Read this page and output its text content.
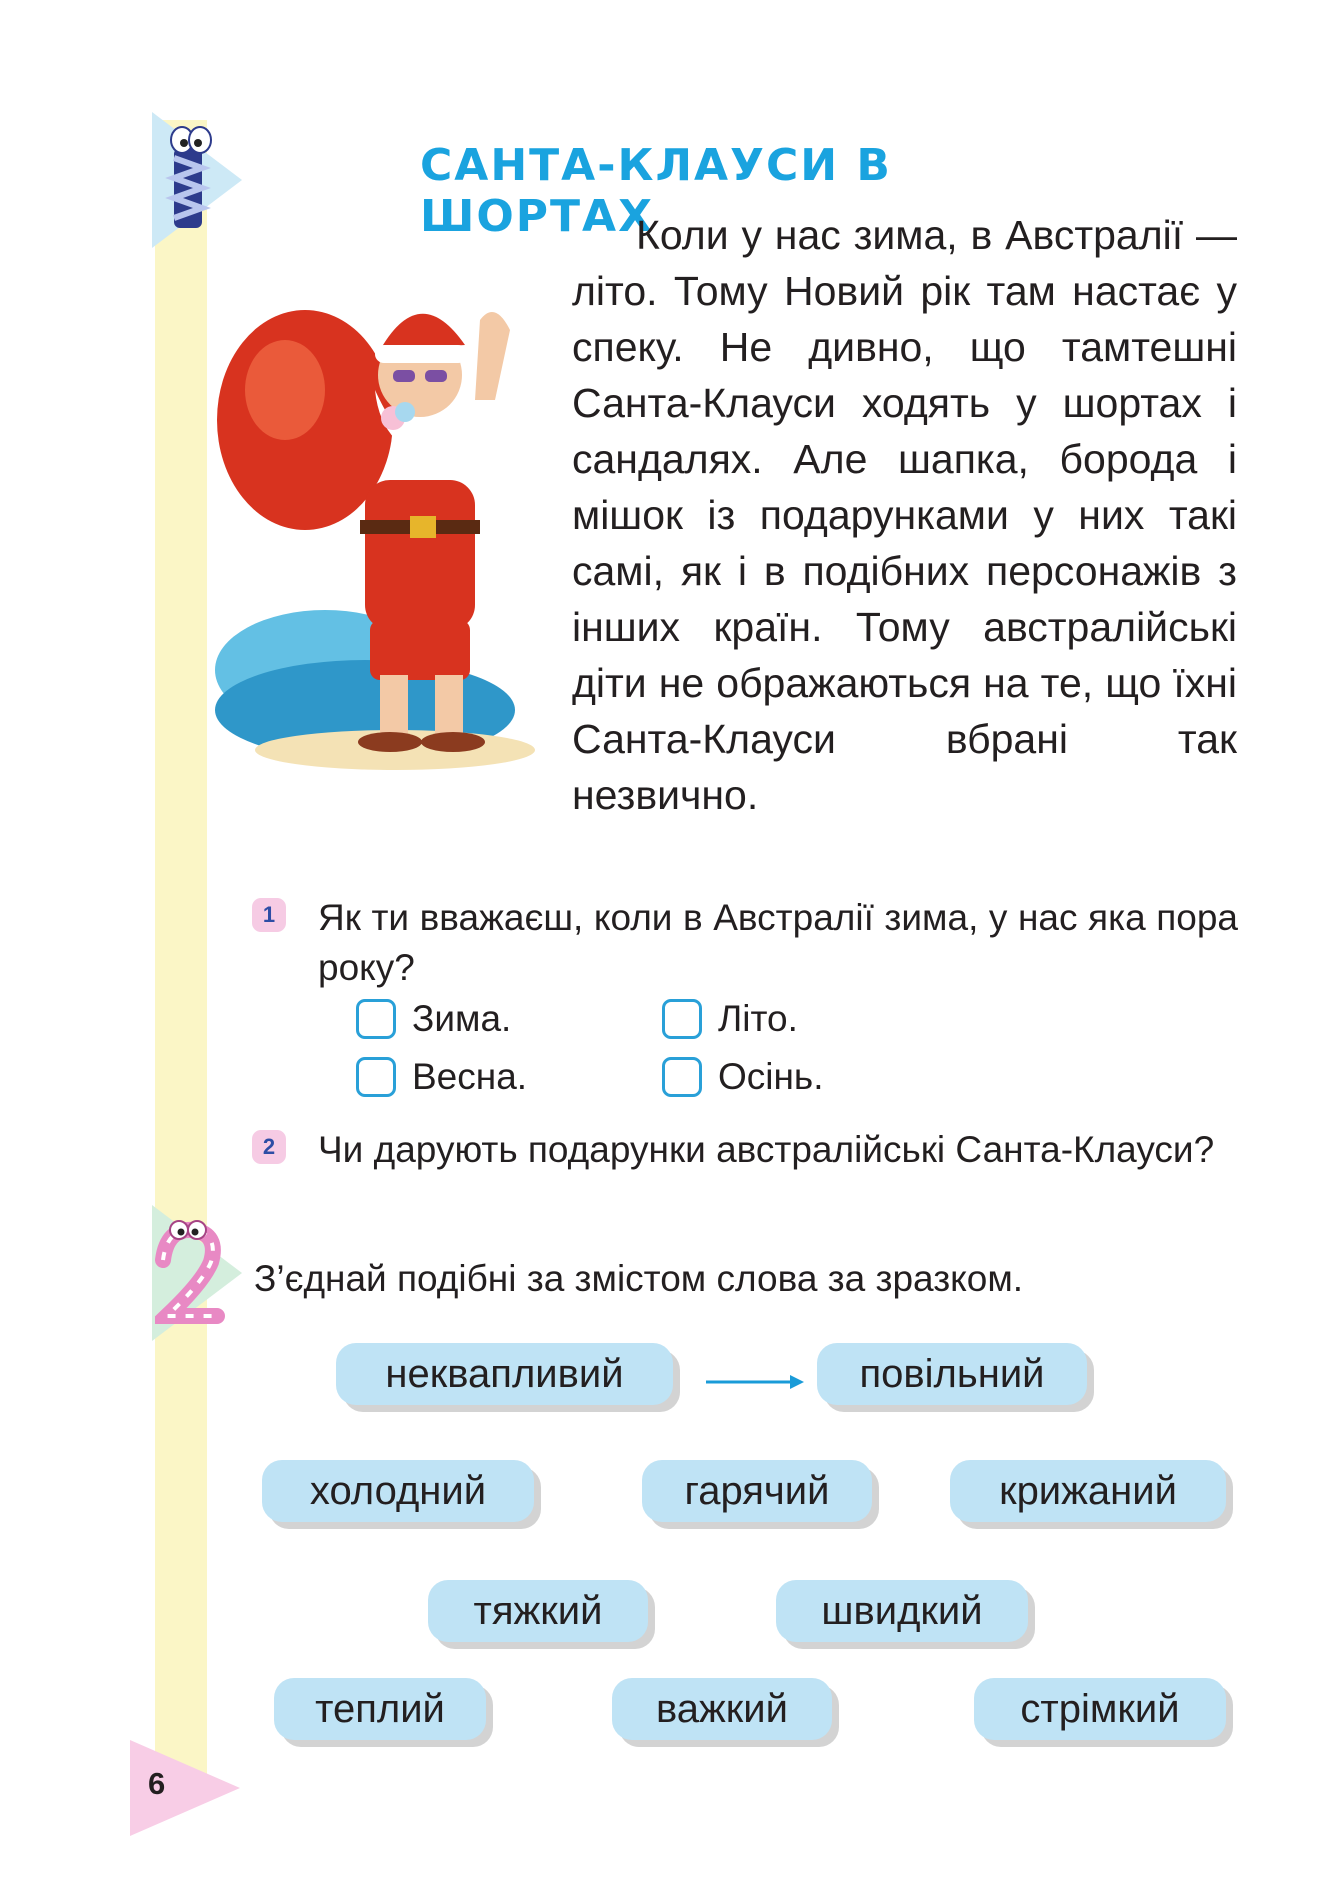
6
САНТА-КЛАУСИ В ШОРТАХ

Коли у нас зима, в Австралії — літо. Тому Новий рік там настає у спеку. Не дивно, що тамтешні Санта-Клауси ходять у шортах і сандалях. Але шапка, борода і мішок із подарунками у них такі самі, як і в подібних персонажів з інших країн. Тому австралійські діти не ображаються на те, що їхні Санта-Клауси вбрані так незвично.

1 Як ти вважаєш, коли в Австралії зима, у нас яка пора року?
Зима.	Літо.
Весна.	Осінь.
2 Чи дарують подарунки австралійські Санта-Клауси?
З’єднай подібні за змістом слова за зразком.
неквапливий	повільний
холодний	гарячий	крижаний
тяжкий	швидкий
теплий	важкий	стрімкий
